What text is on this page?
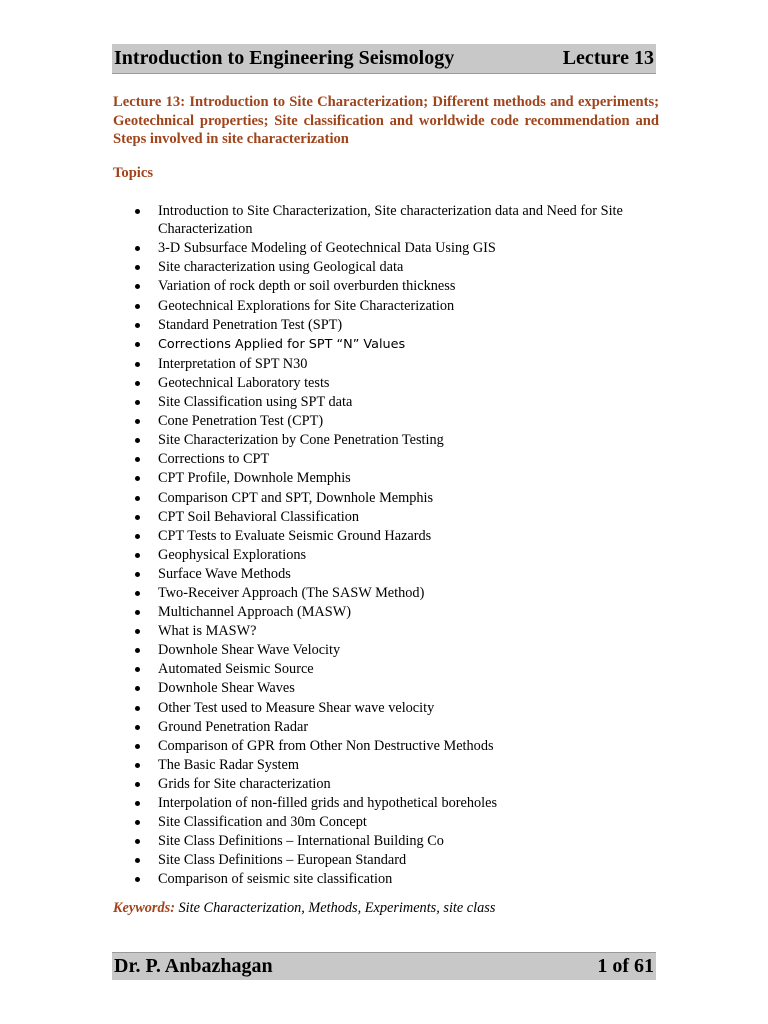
Introduction to Engineering Seismology	Lecture 13
Lecture 13: Introduction to Site Characterization; Different methods and experiments; Geotechnical properties; Site classification and worldwide code recommendation and Steps involved in site characterization
Topics
Introduction to Site Characterization, Site characterization data and Need for Site Characterization
3-D Subsurface Modeling of Geotechnical Data Using GIS
Site characterization using Geological data
Variation of rock depth or soil overburden thickness
Geotechnical Explorations for Site Characterization
Standard Penetration Test (SPT)
Corrections Applied for SPT “N” Values
Interpretation of SPT N30
Geotechnical Laboratory tests
Site Classification using SPT data
Cone Penetration Test (CPT)
Site Characterization by Cone Penetration Testing
Corrections to CPT
CPT Profile, Downhole Memphis
Comparison CPT and SPT, Downhole Memphis
CPT Soil Behavioral Classification
CPT Tests to Evaluate Seismic Ground Hazards
Geophysical Explorations
Surface Wave Methods
Two-Receiver Approach (The SASW Method)
Multichannel Approach (MASW)
What is MASW?
Downhole Shear Wave Velocity
Automated Seismic Source
Downhole Shear Waves
Other Test used to Measure Shear wave velocity
Ground Penetration Radar
Comparison of GPR from Other Non Destructive Methods
The Basic Radar System
Grids for Site characterization
Interpolation of non-filled grids and hypothetical boreholes
Site Classification and 30m Concept
Site Class Definitions – International Building Co
Site Class Definitions – European Standard
Comparison of seismic site classification
Keywords: Site Characterization, Methods, Experiments, site class
Dr. P. Anbazhagan	1 of 61
